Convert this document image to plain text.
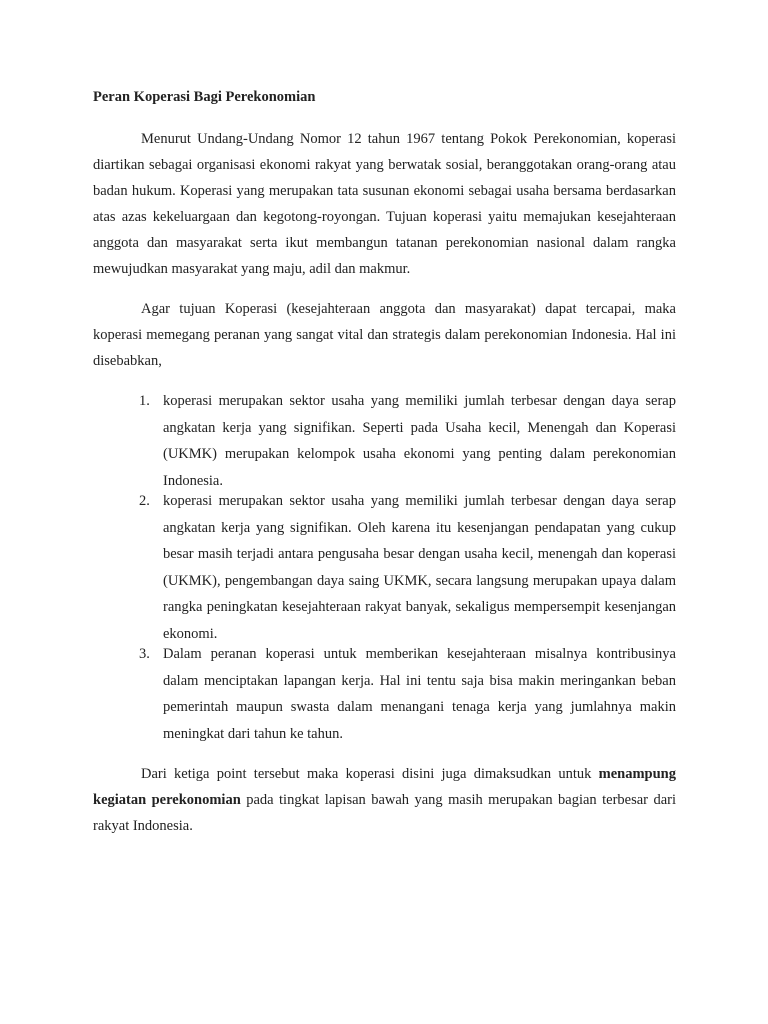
Peran Koperasi Bagi Perekonomian

Menurut Undang-Undang Nomor 12 tahun 1967 tentang Pokok Perekonomian, koperasi diartikan sebagai organisasi ekonomi rakyat yang berwatak sosial, beranggotakan orang-orang atau badan hukum. Koperasi yang merupakan tata susunan ekonomi sebagai usaha bersama berdasarkan atas azas kekeluargaan dan kegotong-royongan. Tujuan koperasi yaitu memajukan kesejahteraan anggota dan masyarakat serta ikut membangun tatanan perekonomian nasional dalam rangka mewujudkan masyarakat yang maju, adil dan makmur.

Agar tujuan Koperasi (kesejahteraan anggota dan masyarakat) dapat tercapai, maka koperasi memegang peranan yang sangat vital dan strategis dalam perekonomian Indonesia. Hal ini disebabkan,

1. koperasi merupakan sektor usaha yang memiliki jumlah terbesar dengan daya serap angkatan kerja yang signifikan. Seperti pada Usaha kecil, Menengah dan Koperasi (UKMK) merupakan kelompok usaha ekonomi yang penting dalam perekonomian Indonesia.
2. koperasi merupakan sektor usaha yang memiliki jumlah terbesar dengan daya serap angkatan kerja yang signifikan. Oleh karena itu kesenjangan pendapatan yang cukup besar masih terjadi antara pengusaha besar dengan usaha kecil, menengah dan koperasi (UKMK), pengembangan daya saing UKMK, secara langsung merupakan upaya dalam rangka peningkatan kesejahteraan rakyat banyak, sekaligus mempersempit kesenjangan ekonomi.
3. Dalam peranan koperasi untuk memberikan kesejahteraan misalnya kontribusinya dalam menciptakan lapangan kerja. Hal ini tentu saja bisa makin meringankan beban pemerintah maupun swasta dalam menangani tenaga kerja yang jumlahnya makin meningkat dari tahun ke tahun.

Dari ketiga point tersebut maka koperasi disini juga dimaksudkan untuk menampung kegiatan perekonomian pada tingkat lapisan bawah yang masih merupakan bagian terbesar dari rakyat Indonesia.
